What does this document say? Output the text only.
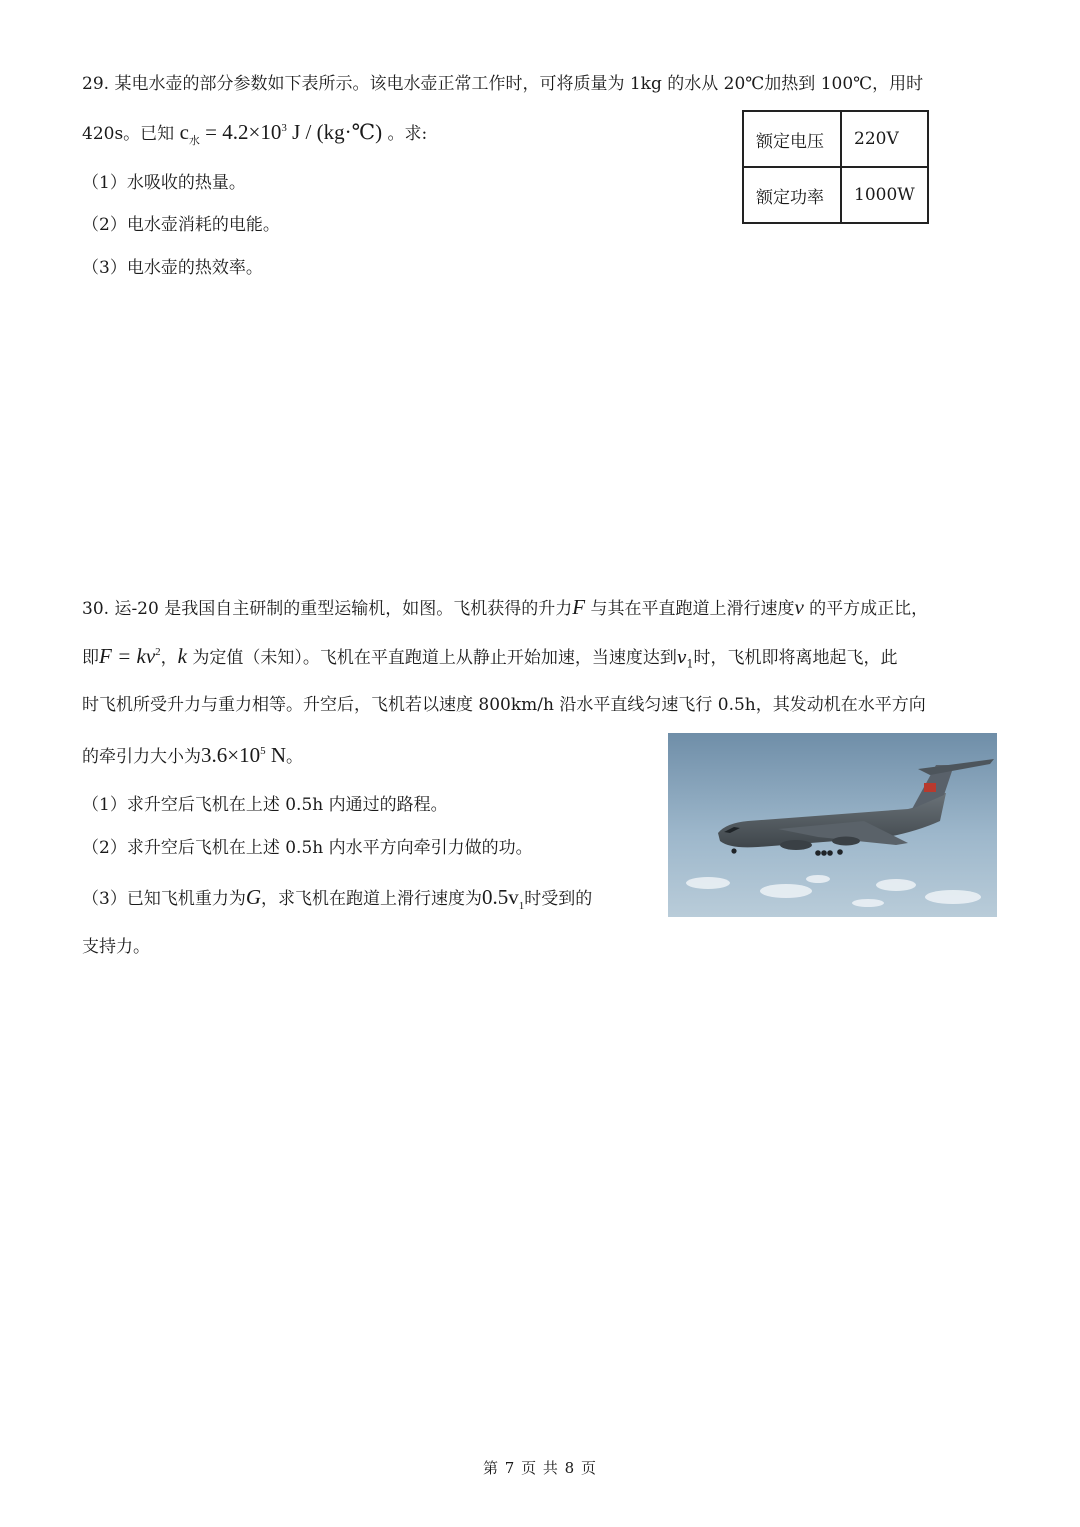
29. 某电水壶的部分参数如下表所示。该电水壶正常工作时，可将质量为 1kg 的水从 20℃加热到 100℃，用时
420s。已知 $c_水 = 4.2\times 10^3$ J / (kg·℃) 。求:
（1）水吸收的热量。
（2）电水壶消耗的电能。
（3）电水壶的热效率。
额定电压	220V
额定功率	1000W
30. 运-20 是我国自主研制的重型运输机，如图。飞机获得的升力F 与其在平直跑道上滑行速度v 的平方成正比，
即$F = kv^2$，k 为定值（未知）。飞机在平直跑道上从静止开始加速，当速度达到$v_1$时，飞机即将离地起飞，此
时飞机所受升力与重力相等。升空后，飞机若以速度 800km/h 沿水平直线匀速飞行 0.5h，其发动机在水平方向
的牵引力大小为$3.6\times 10^5$ N。
（1）求升空后飞机在上述 0.5h 内通过的路程。
（2）求升空后飞机在上述 0.5h 内水平方向牵引力做的功。
（3）已知飞机重力为G，求飞机在跑道上滑行速度为$0.5v_1$时受到的
支持力。
第 7 页 共 8 页
